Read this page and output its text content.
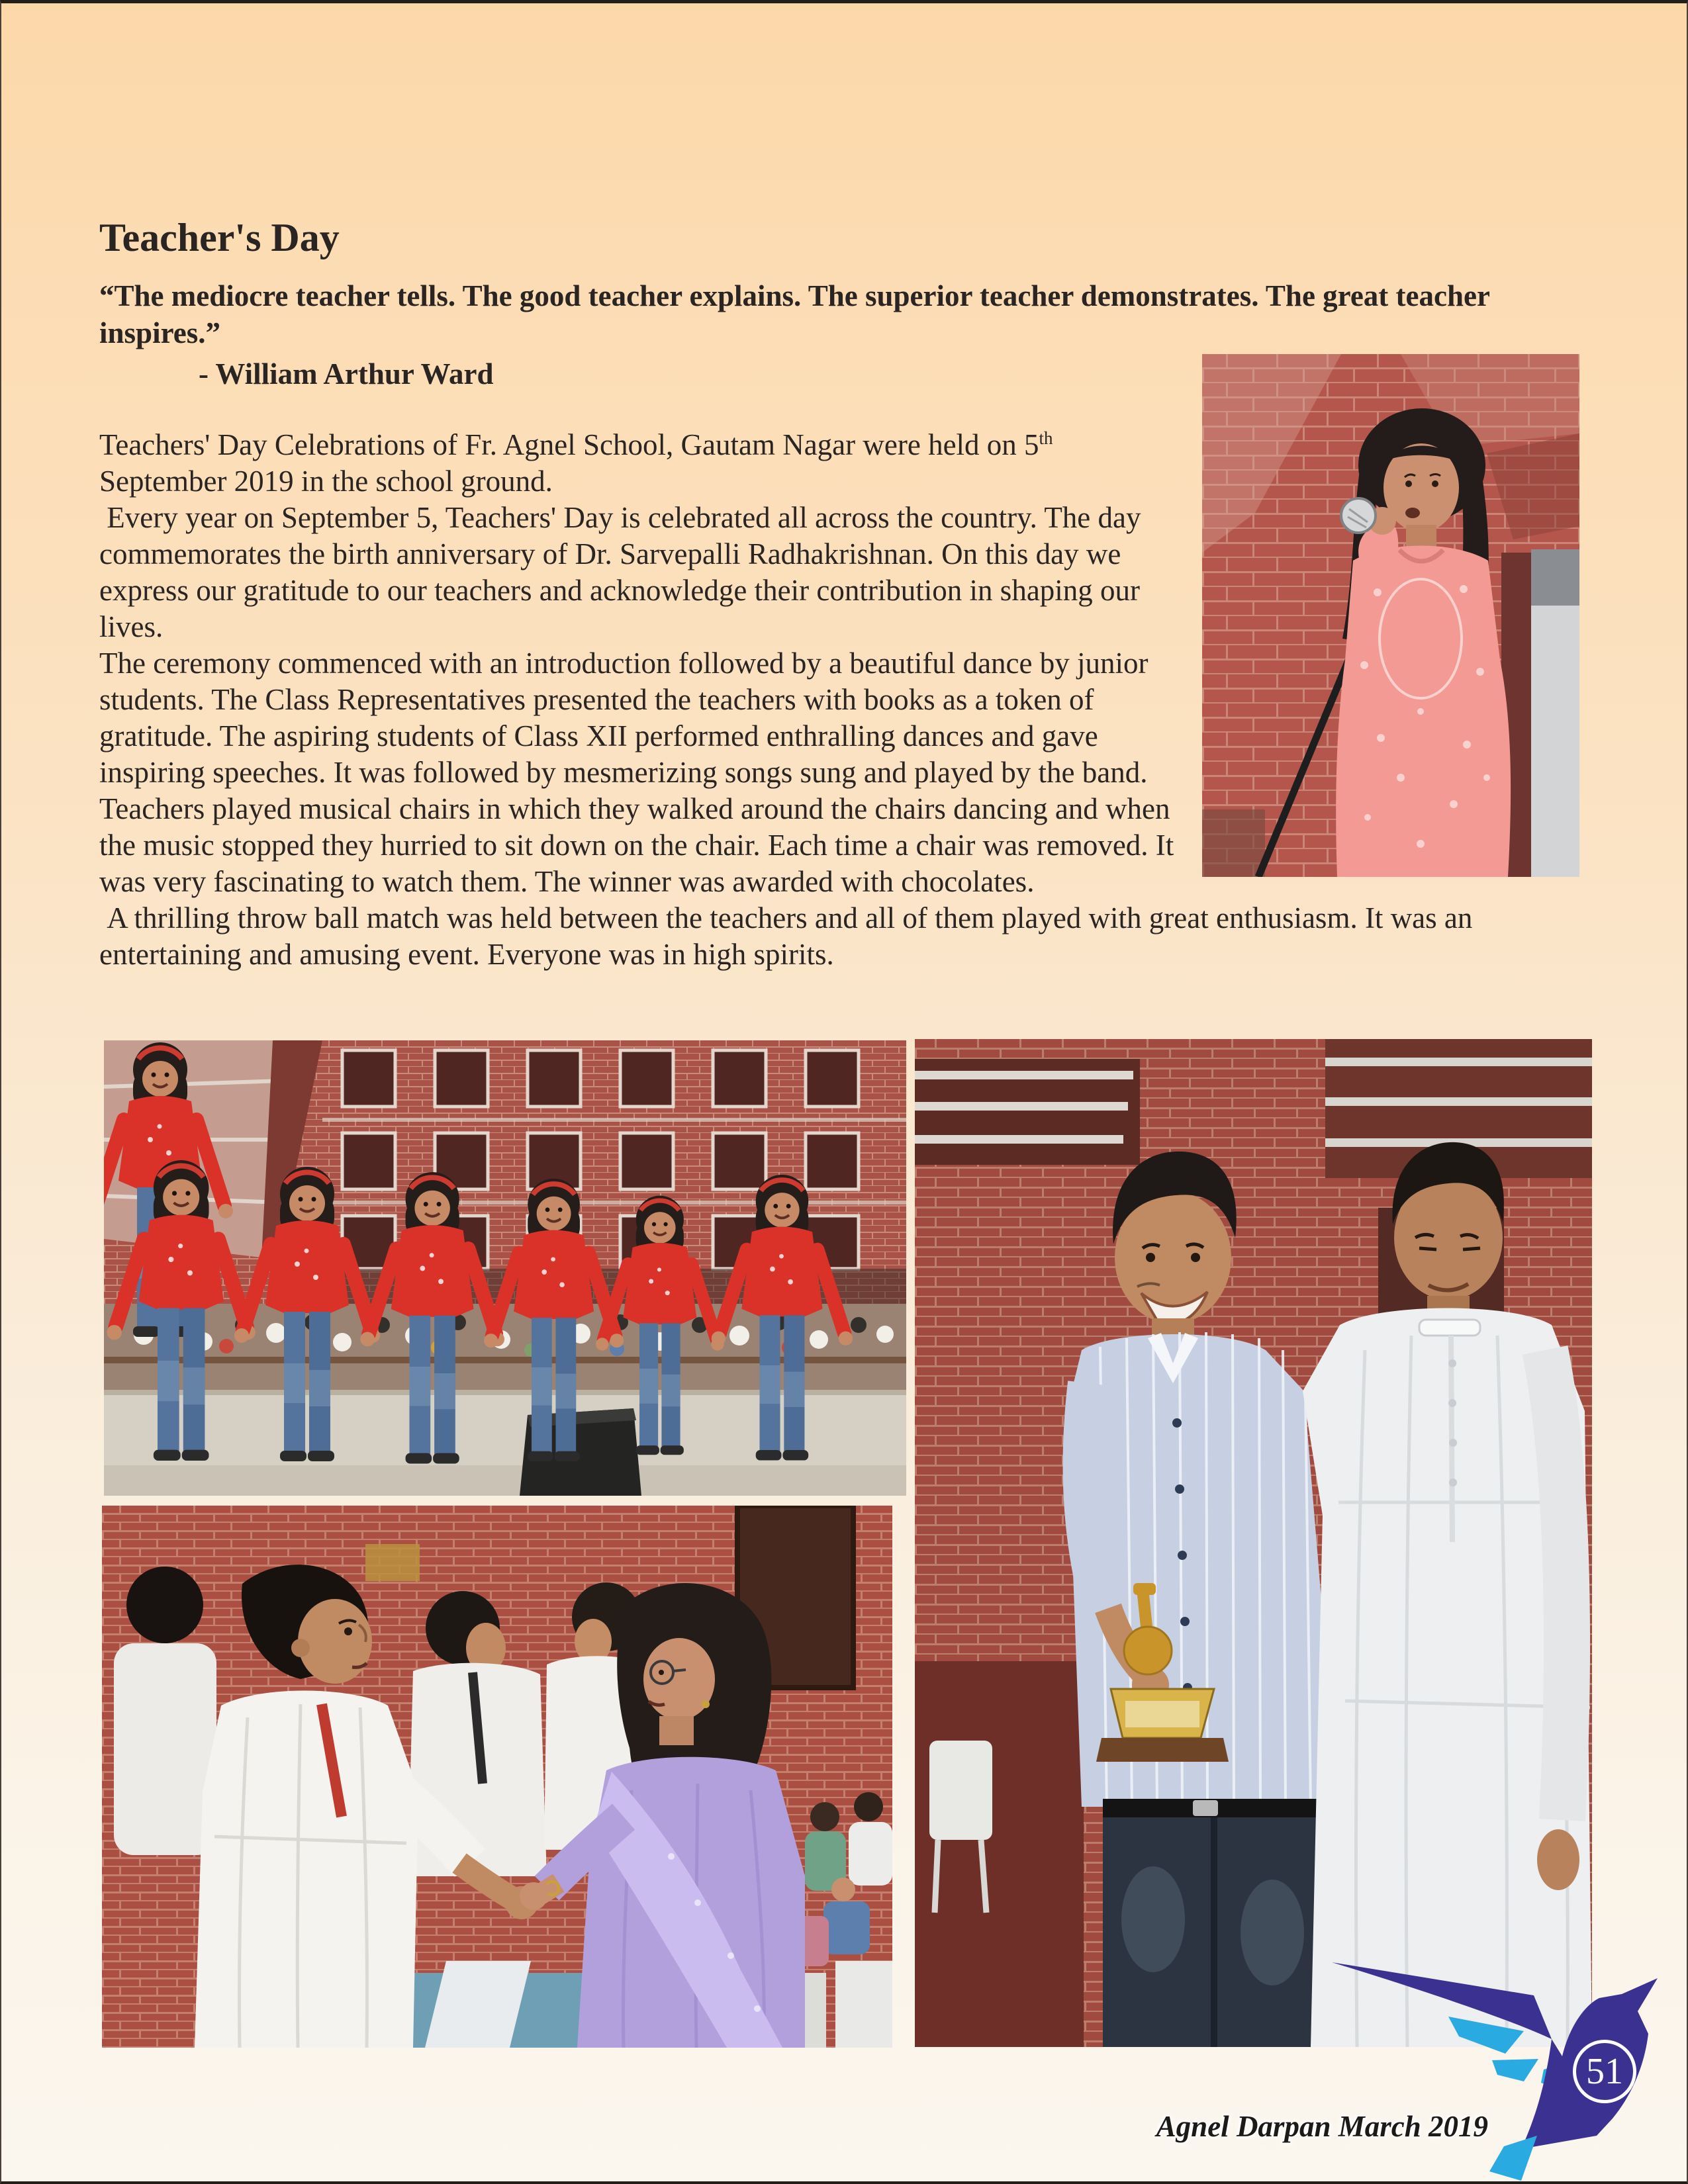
Teacher's Day

“The mediocre teacher tells. The good teacher explains. The superior teacher demonstrates. The great teacher inspires.”

- William Arthur Ward

Teachers' Day Celebrations of Fr. Agnel School, Gautam Nagar were held on 5th September 2019 in the school ground.

Every year on September 5, Teachers' Day is celebrated all across the country. The day commemorates the birth anniversary of Dr. Sarvepalli Radhakrishnan. On this day we express our gratitude to our teachers and acknowledge their contribution in shaping our lives.

The ceremony commenced with an introduction followed by a beautiful dance by junior students. The Class Representatives presented the teachers with books as a token of gratitude. The aspiring students of Class XII performed enthralling dances and gave inspiring speeches. It was followed by mesmerizing songs sung and played by the band.

Teachers played musical chairs in which they walked around the chairs dancing and when the music stopped they hurried to sit down on the chair. Each time a chair was removed. It was very fascinating to watch them. The winner was awarded with chocolates.

A thrilling throw ball match was held between the teachers and all of them played with great enthusiasm. It was an entertaining and amusing event. Everyone was in high spirits.

51
Agnel Darpan March 2019
